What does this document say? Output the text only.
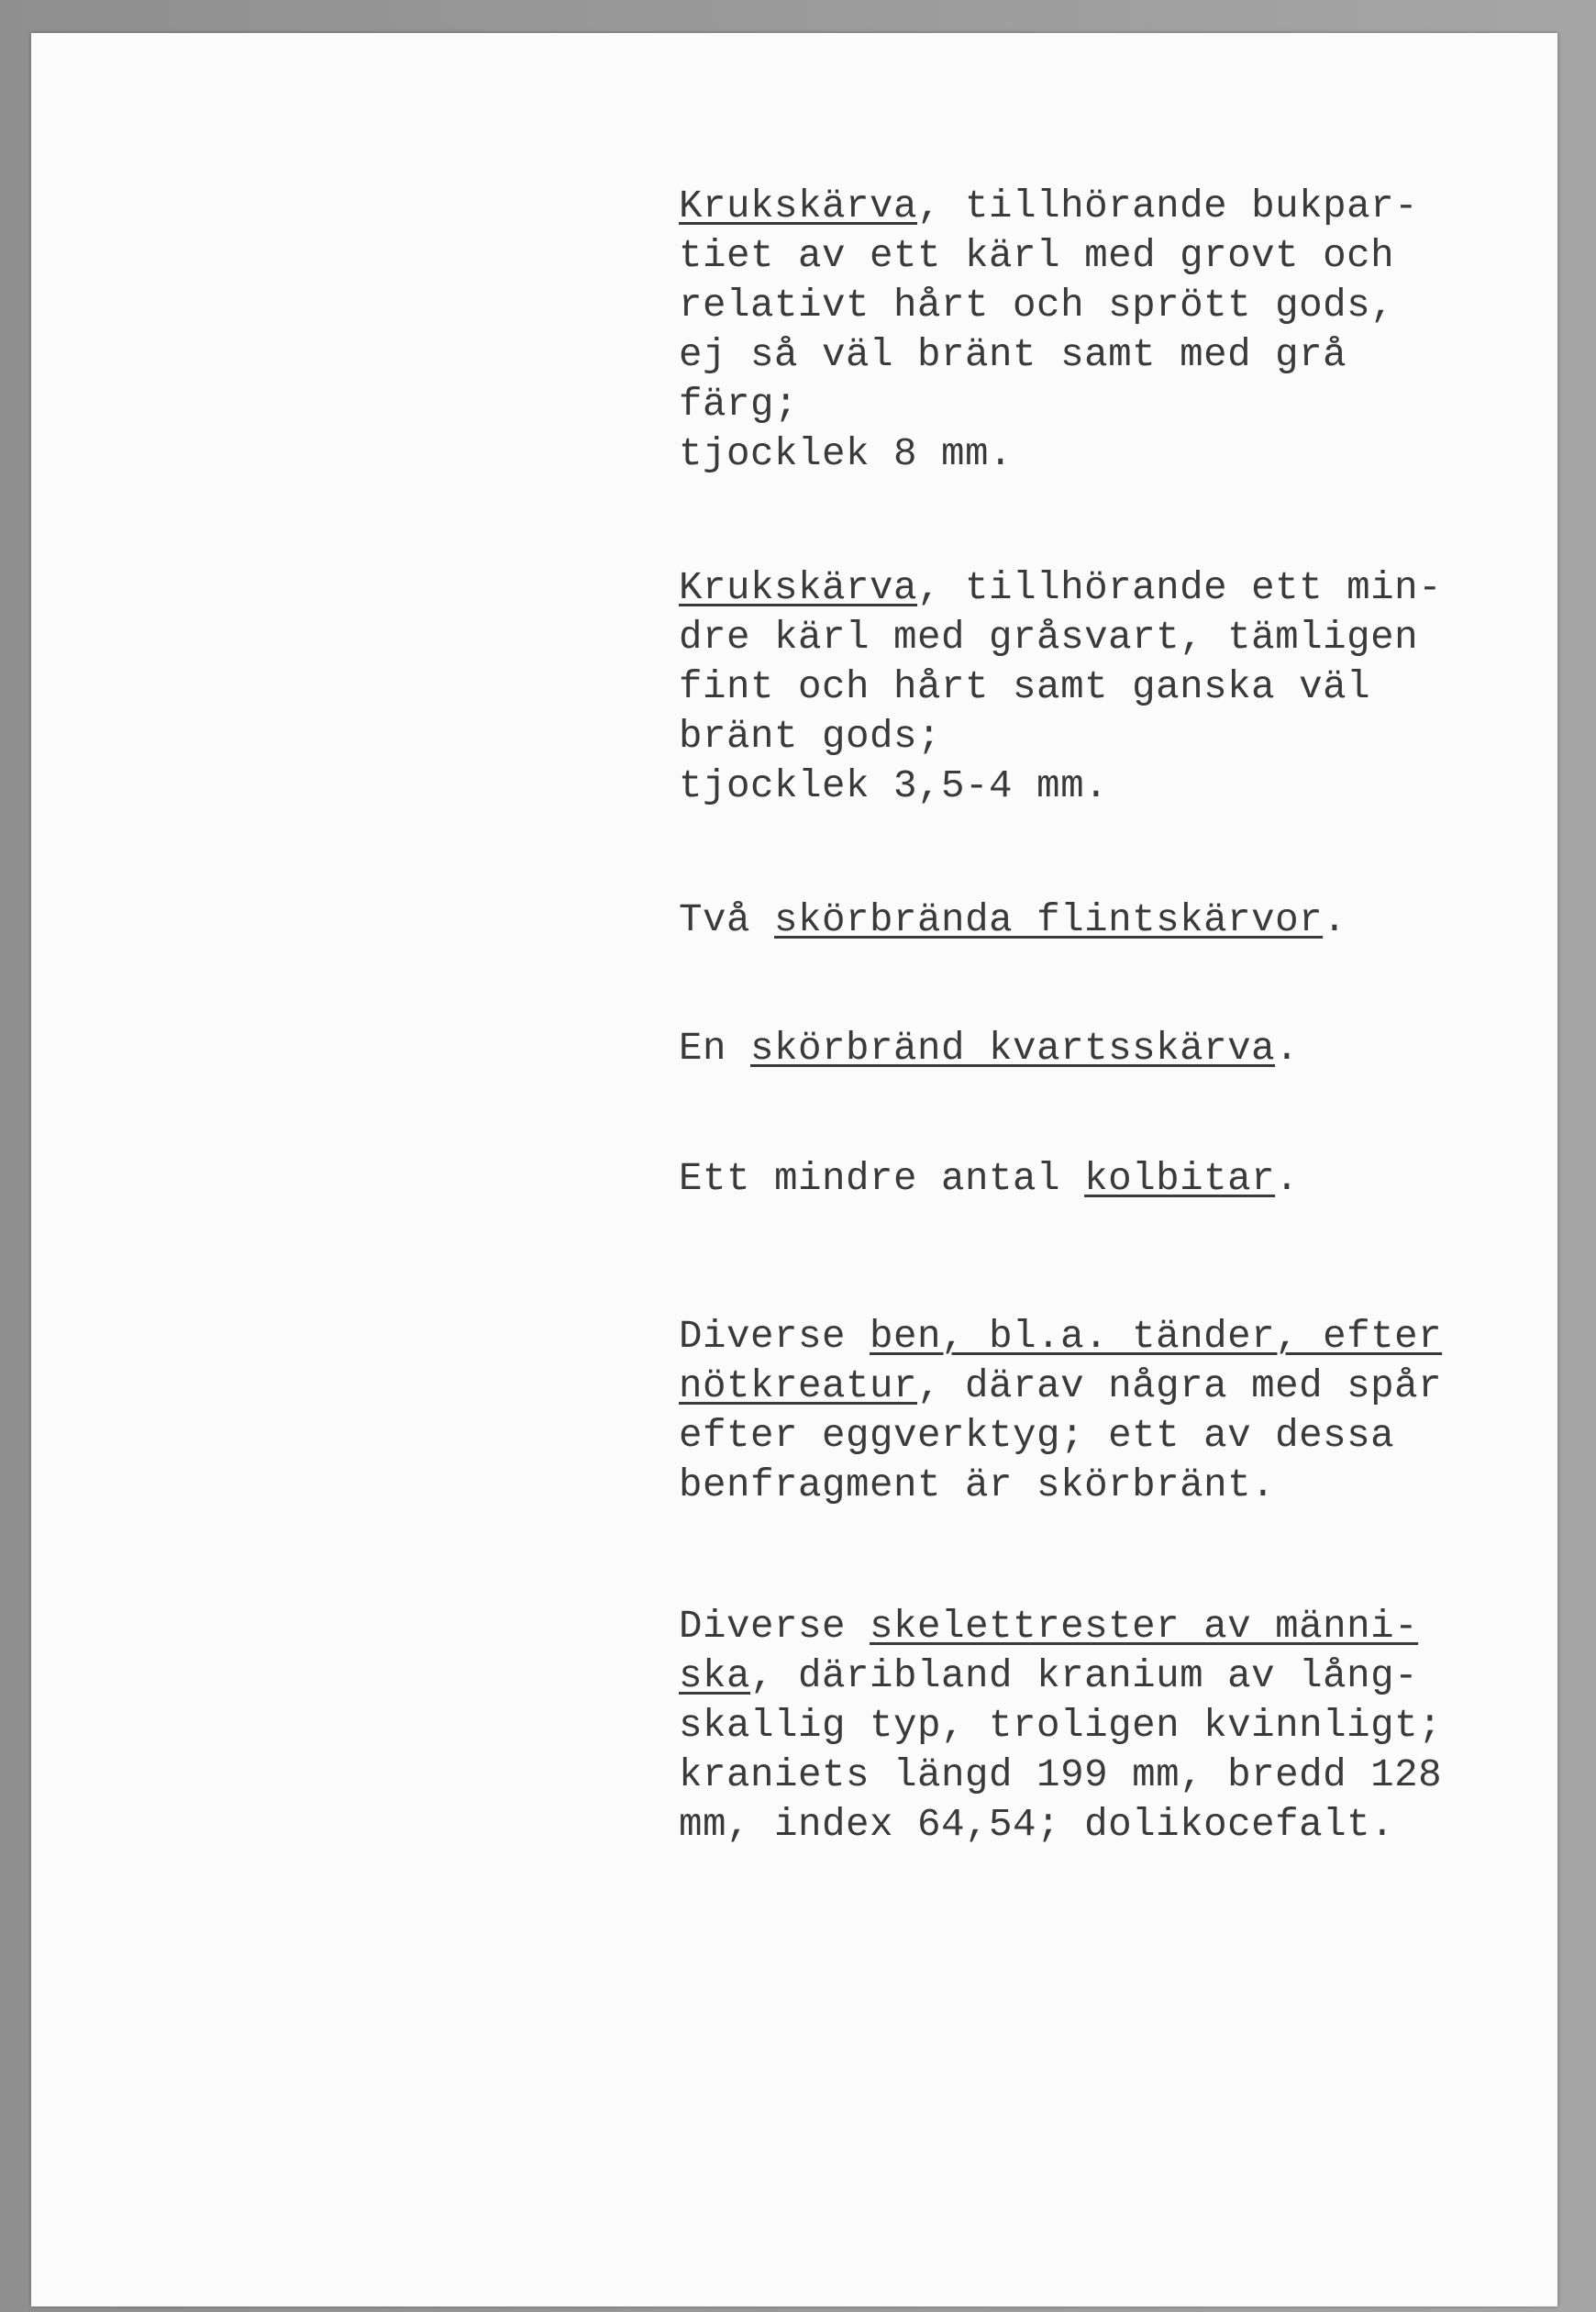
Krukskärva, tillhörande bukpar-
tiet av ett kärl med grovt och
relativt hårt och sprött gods,
ej så väl bränt samt med grå
färg;
tjocklek 8 mm.
Krukskärva, tillhörande ett min-
dre kärl med gråsvart, tämligen
fint och hårt samt ganska väl
bränt gods;
tjocklek 3,5-4 mm.
Två skörbrända flintskärvor.
En skörbränd kvartsskärva.
Ett mindre antal kolbitar.
Diverse ben, bl.a. tänder, efter
nötkreatur, därav några med spår
efter eggverktyg; ett av dessa
benfragment är skörbränt.
Diverse skelettrester av männi-
ska, däribland kranium av lång-
skallig typ, troligen kvinnligt;
kraniets längd 199 mm, bredd 128
mm, index 64,54; dolikocefalt.
